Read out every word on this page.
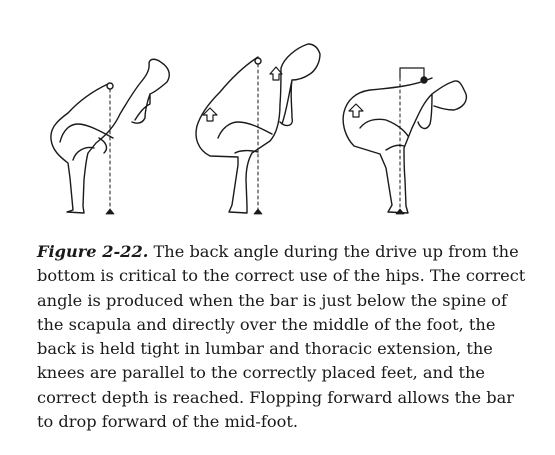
Figure 2-22. The back angle during the drive up from the bottom is critical to the correct use of the hips. The correct angle is produced when the bar is just below the spine of the scapula and directly over the middle of the foot, the back is held tight in lumbar and thoracic extension, the knees are parallel to the correctly placed feet, and the correct depth is reached. Flopping forward allows the bar to drop forward of the mid-foot.
